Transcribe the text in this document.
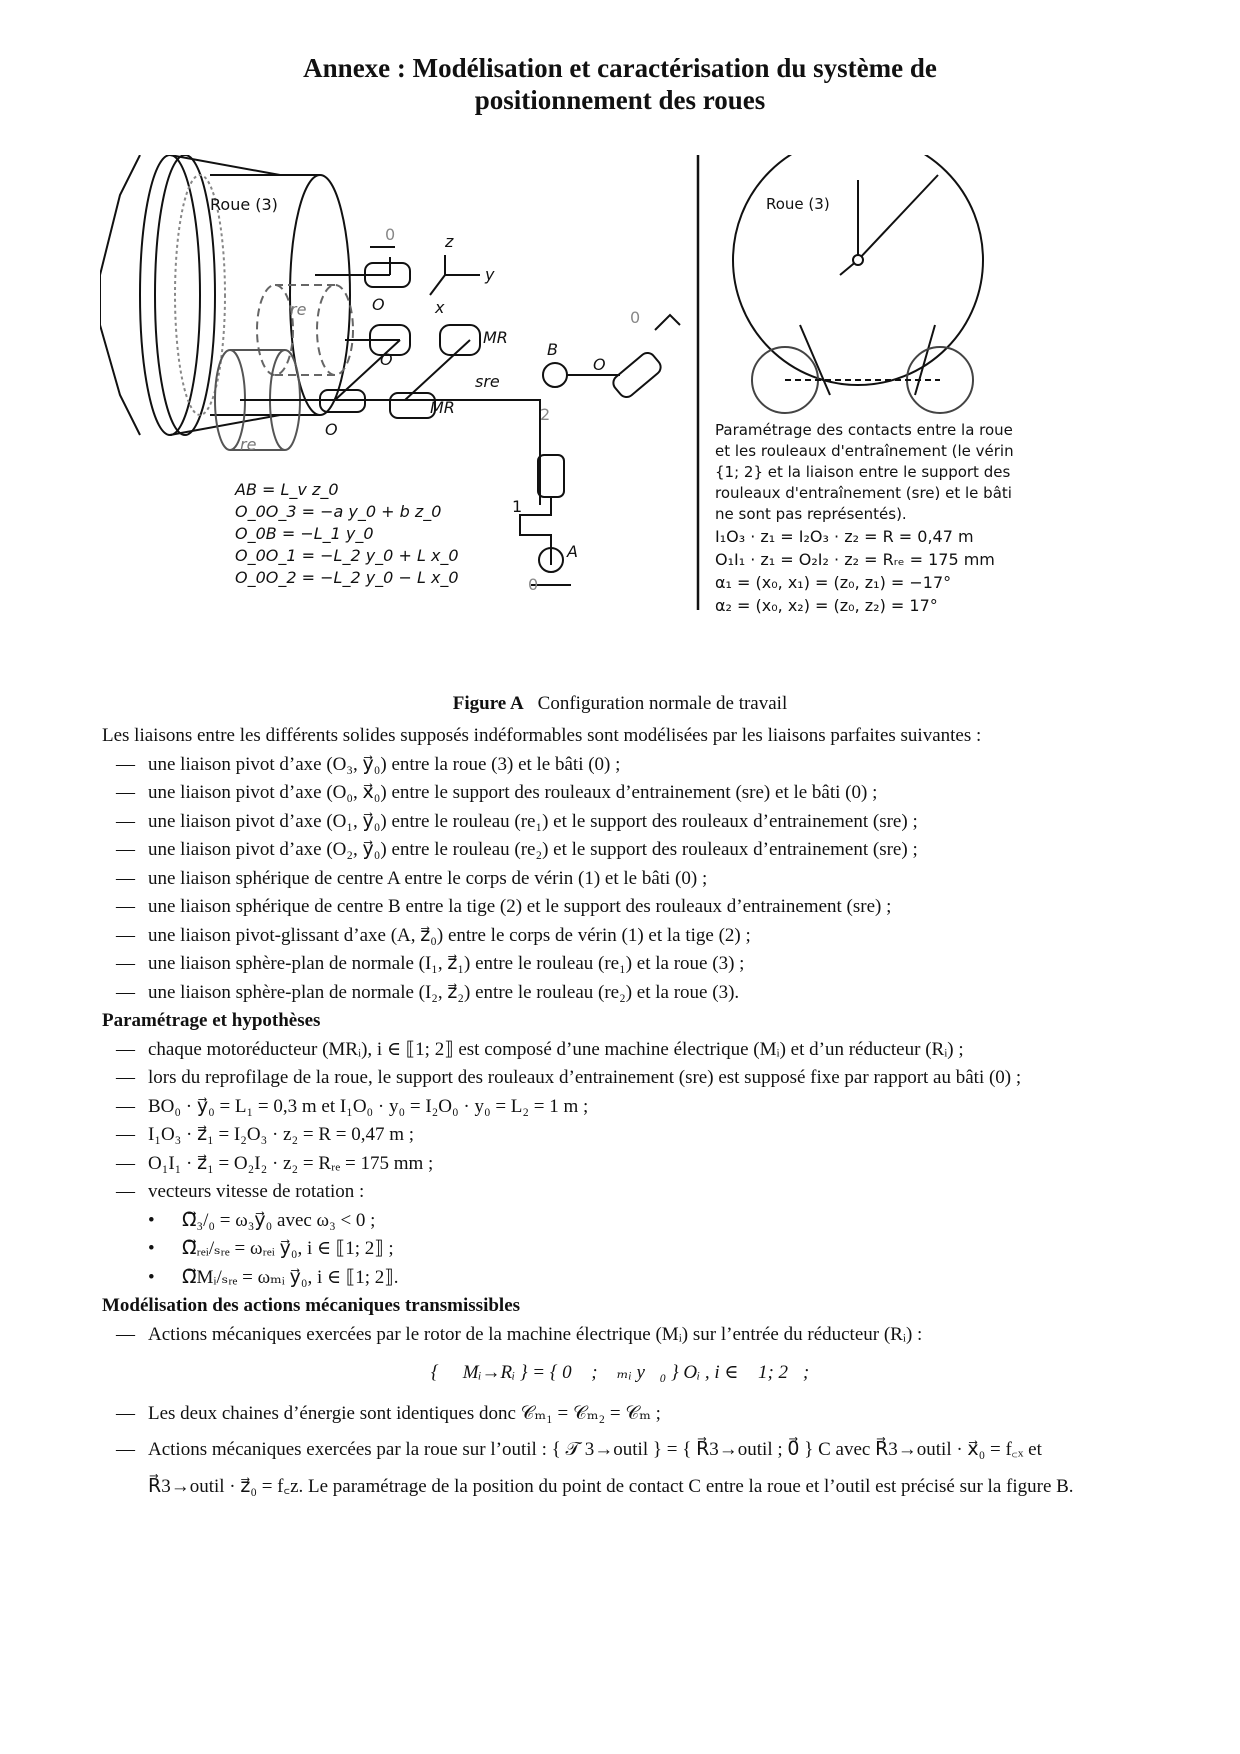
Annexe : Modélisation et caractérisation du système de
positionnement des roues
Roue (3)
re
re
O
O
O
O
B
A
MR
MR
sre
0
0
0
1
2
z
y
x
AB = L_v z_0
O_0O_3 = −a y_0 + b z_0
O_0B = −L_1 y_0
O_0O_1 = −L_2 y_0 + L x_0
O_0O_2 = −L_2 y_0 − L x_0
Roue (3)
Paramétrage des contacts entre la roue
et les rouleaux d'entraînement (le vérin
{1; 2} et la liaison entre le support des
rouleaux d'entraînement (sre) et le bâti
ne sont pas représentés).
I₁O₃ · z₁ = I₂O₃ · z₂ = R = 0,47 m
O₁I₁ · z₁ = O₂I₂ · z₂ = Rᵣₑ = 175 mm
α₁ = (x₀, x₁) = (z₀, z₁) = −17°
α₂ = (x₀, x₂) = (z₀, z₂) = 17°
Figure A Configuration normale de travail

Les liaisons entre les différents solides supposés indéformables sont modélisées par les liaisons parfaites suivantes :

— une liaison pivot d’axe (O₃, y⃗₀) entre la roue (3) et le bâti (0) ;
— une liaison pivot d’axe (O₀, x⃗₀) entre le support des rouleaux d’entrainement (sre) et le bâti (0) ;
— une liaison pivot d’axe (O₁, y⃗₀) entre le rouleau (re₁) et le support des rouleaux d’entrainement (sre) ;
— une liaison pivot d’axe (O₂, y⃗₀) entre le rouleau (re₂) et le support des rouleaux d’entrainement (sre) ;
— une liaison sphérique de centre A entre le corps de vérin (1) et le bâti (0) ;
— une liaison sphérique de centre B entre la tige (2) et le support des rouleaux d’entrainement (sre) ;
— une liaison pivot-glissant d’axe (A, z⃗₀) entre le corps de vérin (1) et la tige (2) ;
— une liaison sphère-plan de normale (I₁, z⃗₁) entre le rouleau (re₁) et la roue (3) ;
— une liaison sphère-plan de normale (I₂, z⃗₂) entre le rouleau (re₂) et la roue (3).

Paramétrage et hypothèses

— chaque motoréducteur (MRᵢ), i ∈ ⟦1; 2⟧ est composé d’une machine électrique (Mᵢ) et d’un réducteur (Rᵢ) ;
— lors du reprofilage de la roue, le support des rouleaux d’entrainement (sre) est supposé fixe par rapport au bâti (0) ;
— BO₀ · y⃗₀ = L₁ = 0,3 m et I₁O₀ · y₀ = I₂O₀ · y₀ = L₂ = 1 m ;
— I₁O₃ · z⃗₁ = I₂O₃ · z₂ = R = 0,47 m ;
— O₁I₁ · z⃗₁ = O₂I₂ · z₂ = Rᵣₑ = 175 mm ;
— vecteurs vitesse de rotation :
•	Ω⃗₃/₀ = ω₃y⃗₀ avec ω₃ < 0 ;
•	Ω⃗ᵣₑᵢ/ₛᵣₑ = ωᵣₑᵢ y⃗₀, i ∈ ⟦1; 2⟧ ;
•	Ω⃗Mᵢ/ₛᵣₑ = ωₘᵢ y⃗₀, i ∈ ⟦1; 2⟧.

Modélisation des actions mécaniques transmissibles

— Actions mécaniques exercées par le rotor de la machine électrique (Mᵢ) sur l’entrée du réducteur (Rᵢ) :
{ 𝒯 Mᵢ→Rᵢ } = { 0⃗ ; 𝒞ₘᵢ y⃗₀ } Oᵢ , i ∈ ⟦1; 2⟧;
— Les deux chaines d’énergie sont identiques donc 𝒞ₘ₁ = 𝒞ₘ₂ = 𝒞ₘ ;
— Actions mécaniques exercées par la roue sur l’outil : { 𝒯 3→outil } = { R⃗3→outil ; 0⃗ } C avec R⃗3→outil · x⃗₀ = f꜀ₓ et
R⃗3→outil · z⃗₀ = f꜀z. Le paramétrage de la position du point de contact C entre la roue et l’outil est précisé sur la figure B.
